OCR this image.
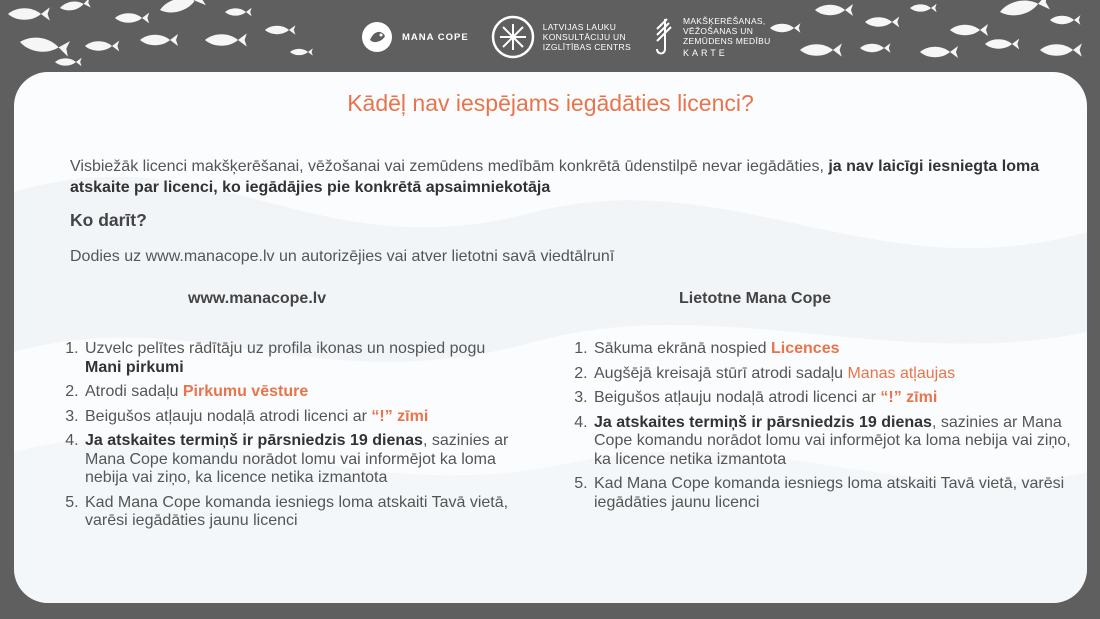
MANA COPE
LATVIJAS LAUKU
KONSULTĀCIJU UN
IZGLĪTĪBAS CENTRS
MAKŠĶERĒŠANAS,
VĒŽOŠANAS UN
ZEMŪDENS MEDĪBU
KARTE
Kādēļ nav iespējams iegādāties licenci?

Visbiežāk licenci makšķerēšanai, vēžošanai vai zemūdens medībām konkrētā ūdenstilpē nevar iegādāties, ja nav laicīgi iesniegta loma atskaite par licenci, ko iegādājies pie konkrētā apsaimniekotāja

Ko darīt?
Dodies uz www.manacope.lv un autorizējies vai atver lietotni savā viedtālrunī
www.manacope.lv	Lietotne Mana Cope
1. Uzvelc pelītes rādītāju uz profila ikonas un nospied pogu Mani pirkumi
2. Atrodi sadaļu Pirkumu vēsture
3. Beigušos atļauju nodaļā atrodi licenci ar “!” zīmi
4. Ja atskaites termiņš ir pārsniedzis 19 dienas, sazinies ar Mana Cope komandu norādot lomu vai informējot ka loma nebija vai ziņo, ka licence netika izmantota
5. Kad Mana Cope komanda iesniegs loma atskaiti Tavā vietā, varēsi iegādāties jaunu licenci
1. Sākuma ekrānā nospied Licences
2. Augšējā kreisajā stūrī atrodi sadaļu Manas atļaujas
3. Beigušos atļauju nodaļā atrodi licenci ar “!” zīmi
4. Ja atskaites termiņš ir pārsniedzis 19 dienas, sazinies ar Mana Cope komandu norādot lomu vai informējot ka loma nebija vai ziņo, ka licence netika izmantota
5. Kad Mana Cope komanda iesniegs loma atskaiti Tavā vietā, varēsi iegādāties jaunu licenci
